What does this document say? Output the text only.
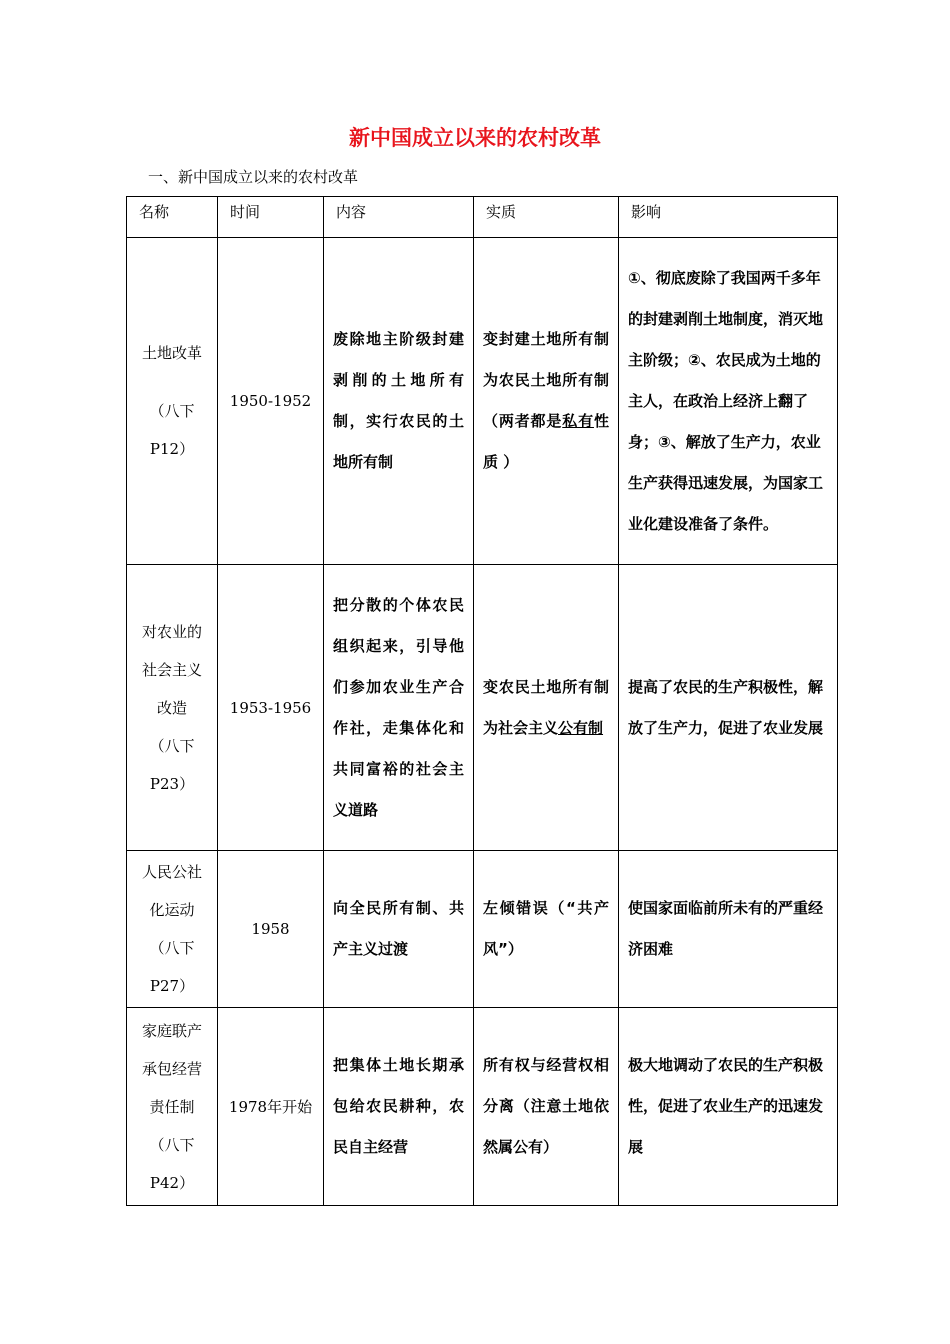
新中国成立以来的农村改革
一、新中国成立以来的农村改革
名称	时间	内容	实质	影响

土地改革
（八下
P12）	1950-1952	废除地主阶级封建剥削的土地所有制，实行农民的土地所有制	变封建土地所有制为农民土地所有制（两者都是私有性质 ）	①、彻底废除了我国两千多年的封建剥削土地制度，消灭地主阶级；②、农民成为土地的主人，在政治上经济上翻了身；③、解放了生产力，农业生产获得迅速发展，为国家工业化建设准备了条件。

对农业的
社会主义
改造
（八下
P23）	1953-1956	把分散的个体农民组织起来，引导他们参加农业生产合作社，走集体化和共同富裕的社会主义道路	变农民土地所有制为社会主义公有制	提高了农民的生产积极性，解放了生产力，促进了农业发展

人民公社
化运动
（八下
P27）	1958	向全民所有制、共产主义过渡	左倾错误（“共产风”）	使国家面临前所未有的严重经济困难

家庭联产
承包经营
责任制
（八下
P42）	1978年开始	把集体土地长期承包给农民耕种，农民自主经营	所有权与经营权相分离（注意土地依然属公有）	极大地调动了农民的生产积极性，促进了农业生产的迅速发展
